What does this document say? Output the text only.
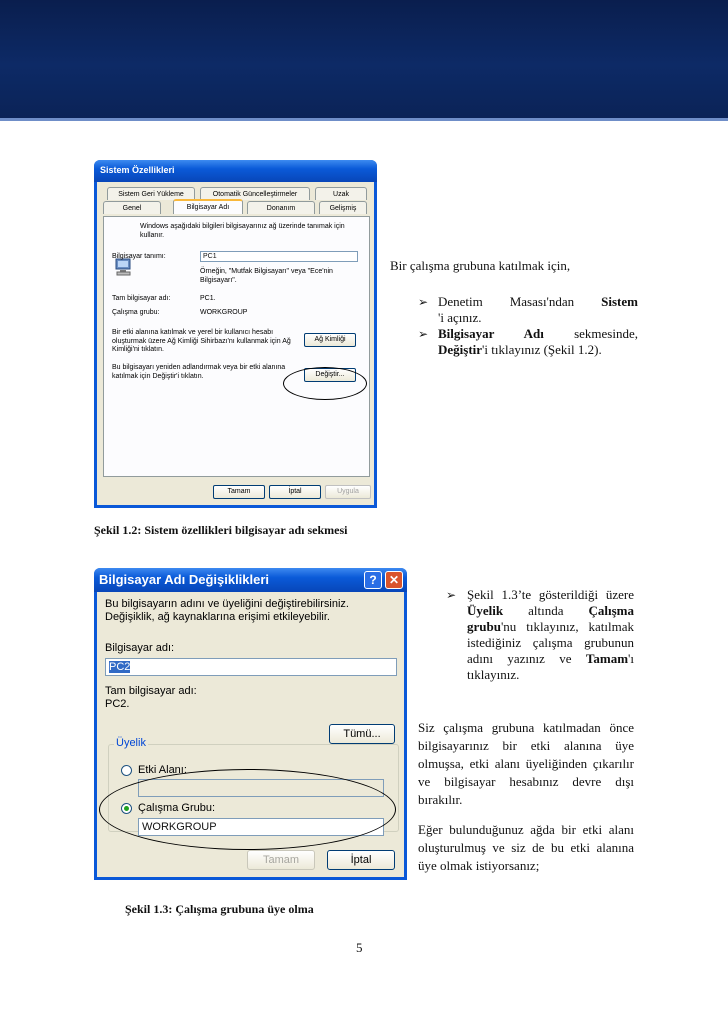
Sistem Özellikleri
Sistem Geri Yükleme	Otomatik Güncelleştirmeler	Uzak
Genel	Bilgisayar Adı	Donanım	Gelişmiş
Windows aşağıdaki bilgileri bilgisayarınız ağ üzerinde tanımak için kullanır.
Bilgisayar tanımı:	PC1
Örneğin, "Mutfak Bilgisayarı" veya "Ece'nin Bilgisayarı".
Tam bilgisayar adı:	PC1.
Çalışma grubu:	WORKGROUP
Bir etki alanına katılmak ve yerel bir kullanıcı hesabı oluşturmak üzere Ağ Kimliği Sihirbazı'nı kullanmak için Ağ Kimliği'ni tıklatın.
Ağ Kimliği
Bu bilgisayarı yeniden adlandırmak veya bir etki alanına katılmak için Değiştir'i tıklatın.	Değiştir...
Tamam	İptal	Uygula
Bir çalışma grubuna katılmak için,
➢ Denetim Masası'ndan Sistem
'i açınız.
➢ Bilgisayar Adı sekmesinde,
Değiştir'i tıklayınız (Şekil 1.2).
Şekil 1.2: Sistem özellikleri bilgisayar adı sekmesi
Bilgisayar Adı Değişiklikleri	?	✕
Bu bilgisayarın adını ve üyeliğini değiştirebilirsiniz. Değişiklik, ağ kaynaklarına erişimi etkileyebilir.
Bilgisayar adı:
PC2
Tam bilgisayar adı:
PC2.
Tümü...
Üyelik
Etki Alanı:
Çalışma Grubu:
WORKGROUP
Tamam	İptal
➢ Şekil 1.3’te gösterildiği üzere Üyelik altında Çalışma grubu'nu tıklayınız, katılmak istediğiniz çalışma grubunun adını yazınız ve Tamam'ı tıklayınız.
Siz çalışma grubuna katılmadan önce bilgisayarınız bir etki alanına üye olmuşsa, etki alanı üyeliğinden çıkarılır ve bilgisayar hesabınız devre dışı bırakılır.
Eğer bulunduğunuz ağda bir etki alanı oluşturulmuş ve siz de bu etki alanına üye olmak istiyorsanız;
Şekil 1.3: Çalışma grubuna üye olma
5
